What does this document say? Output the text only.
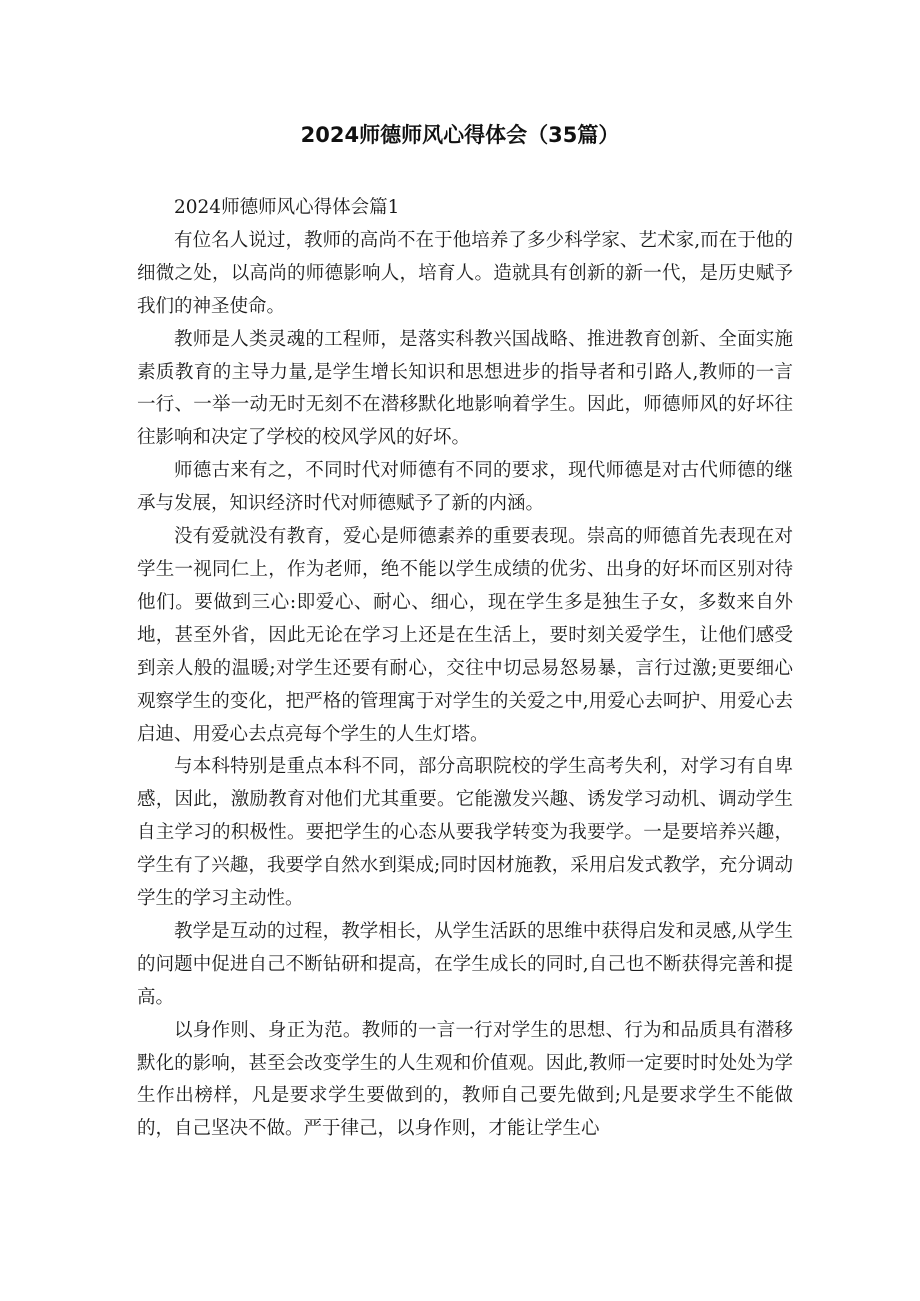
2024师德师风心得体会（35篇）

2024师德师风心得体会篇1

有位名人说过，教师的高尚不在于他培养了多少科学家、艺术家,而在于他的细微之处，以高尚的师德影响人，培育人。造就具有创新的新一代，是历史赋予我们的神圣使命。

教师是人类灵魂的工程师，是落实科教兴国战略、推进教育创新、全面实施素质教育的主导力量,是学生增长知识和思想进步的指导者和引路人,教师的一言一行、一举一动无时无刻不在潜移默化地影响着学生。因此，师德师风的好坏往往影响和决定了学校的校风学风的好坏。

师德古来有之，不同时代对师德有不同的要求，现代师德是对古代师德的继承与发展，知识经济时代对师德赋予了新的内涵。

没有爱就没有教育，爱心是师德素养的重要表现。崇高的师德首先表现在对学生一视同仁上，作为老师，绝不能以学生成绩的优劣、出身的好坏而区别对待他们。要做到三心:即爱心、耐心、细心，现在学生多是独生子女，多数来自外地，甚至外省，因此无论在学习上还是在生活上，要时刻关爱学生，让他们感受到亲人般的温暖;对学生还要有耐心，交往中切忌易怒易暴，言行过激;更要细心观察学生的变化，把严格的管理寓于对学生的关爱之中,用爱心去呵护、用爱心去启迪、用爱心去点亮每个学生的人生灯塔。

与本科特别是重点本科不同，部分高职院校的学生高考失利，对学习有自卑感，因此，激励教育对他们尤其重要。它能激发兴趣、诱发学习动机、调动学生自主学习的积极性。要把学生的心态从要我学转变为我要学。一是要培养兴趣，学生有了兴趣，我要学自然水到渠成;同时因材施教，采用启发式教学，充分调动学生的学习主动性。

教学是互动的过程，教学相长，从学生活跃的思维中获得启发和灵感,从学生的问题中促进自己不断钻研和提高，在学生成长的同时,自己也不断获得完善和提高。

以身作则、身正为范。教师的一言一行对学生的思想、行为和品质具有潜移默化的影响，甚至会改变学生的人生观和价值观。因此,教师一定要时时处处为学生作出榜样，凡是要求学生要做到的，教师自己要先做到;凡是要求学生不能做的，自己坚决不做。严于律己，以身作则，才能让学生心
